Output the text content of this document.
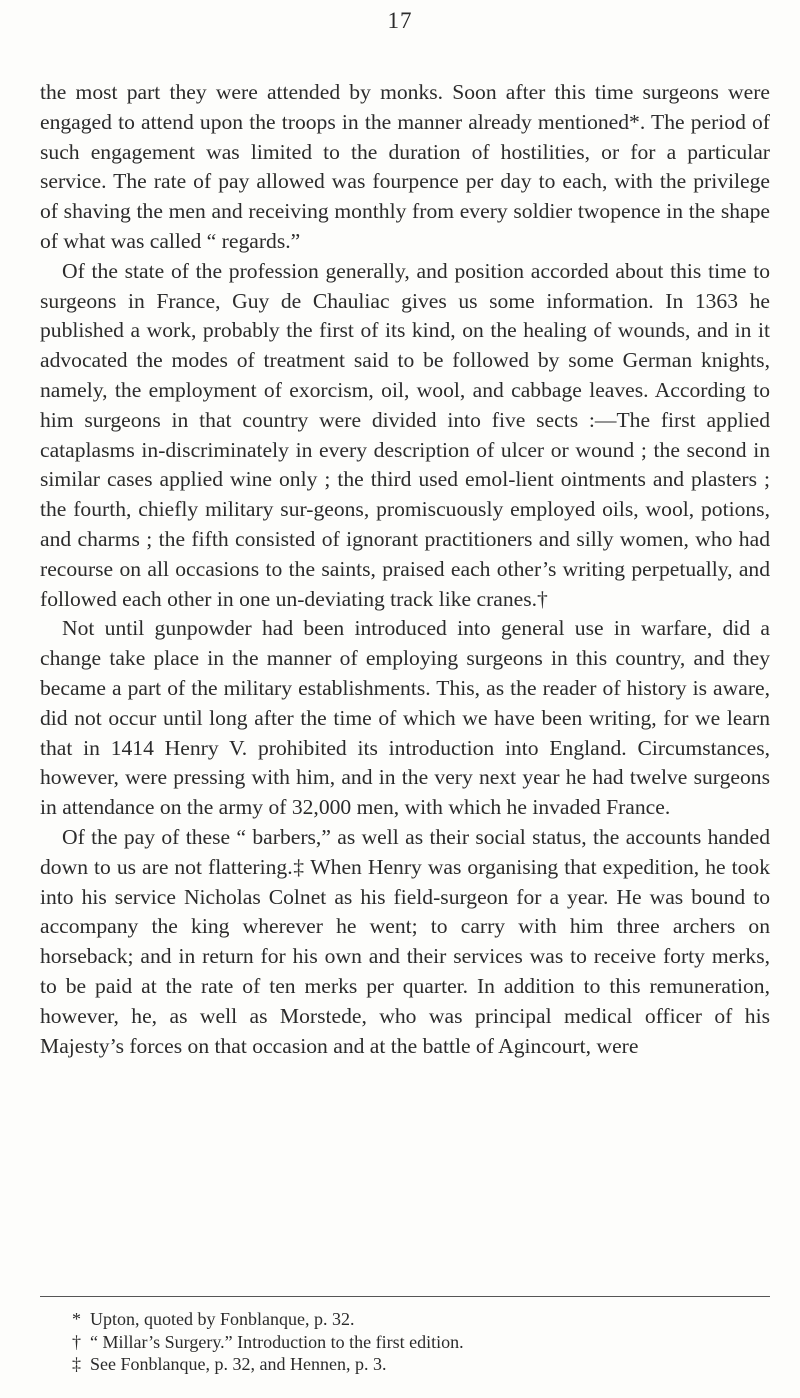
17

the most part they were attended by monks. Soon after this time surgeons were engaged to attend upon the troops in the manner already mentioned*. The period of such engagement was limited to the duration of hostilities, or for a particular service. The rate of pay allowed was fourpence per day to each, with the privilege of shaving the men and receiving monthly from every soldier twopence in the shape of what was called “ regards.”

Of the state of the profession generally, and position accorded about this time to surgeons in France, Guy de Chauliac gives us some information. In 1363 he published a work, probably the first of its kind, on the healing of wounds, and in it advocated the modes of treatment said to be followed by some German knights, namely, the employment of exorcism, oil, wool, and cabbage leaves. According to him surgeons in that country were divided into five sects :—The first applied cataplasms in-discriminately in every description of ulcer or wound ; the second in similar cases applied wine only ; the third used emol-lient ointments and plasters ; the fourth, chiefly military sur-geons, promiscuously employed oils, wool, potions, and charms ; the fifth consisted of ignorant practitioners and silly women, who had recourse on all occasions to the saints, praised each other’s writing perpetually, and followed each other in one un-deviating track like cranes.†

Not until gunpowder had been introduced into general use in warfare, did a change take place in the manner of employing surgeons in this country, and they became a part of the military establishments. This, as the reader of history is aware, did not occur until long after the time of which we have been writing, for we learn that in 1414 Henry V. prohibited its introduction into England. Circumstances, however, were pressing with him, and in the very next year he had twelve surgeons in attendance on the army of 32,000 men, with which he invaded France.

Of the pay of these “ barbers,” as well as their social status, the accounts handed down to us are not flattering.‡ When Henry was organising that expedition, he took into his service Nicholas Colnet as his field-surgeon for a year. He was bound to accompany the king wherever he went; to carry with him three archers on horseback; and in return for his own and their services was to receive forty merks, to be paid at the rate of ten merks per quarter. In addition to this remuneration, however, he, as well as Morstede, who was principal medical officer of his Majesty’s forces on that occasion and at the battle of Agincourt, were

* Upton, quoted by Fonblanque, p. 32.
† “ Millar’s Surgery.” Introduction to the first edition.
‡ See Fonblanque, p. 32, and Hennen, p. 3.
